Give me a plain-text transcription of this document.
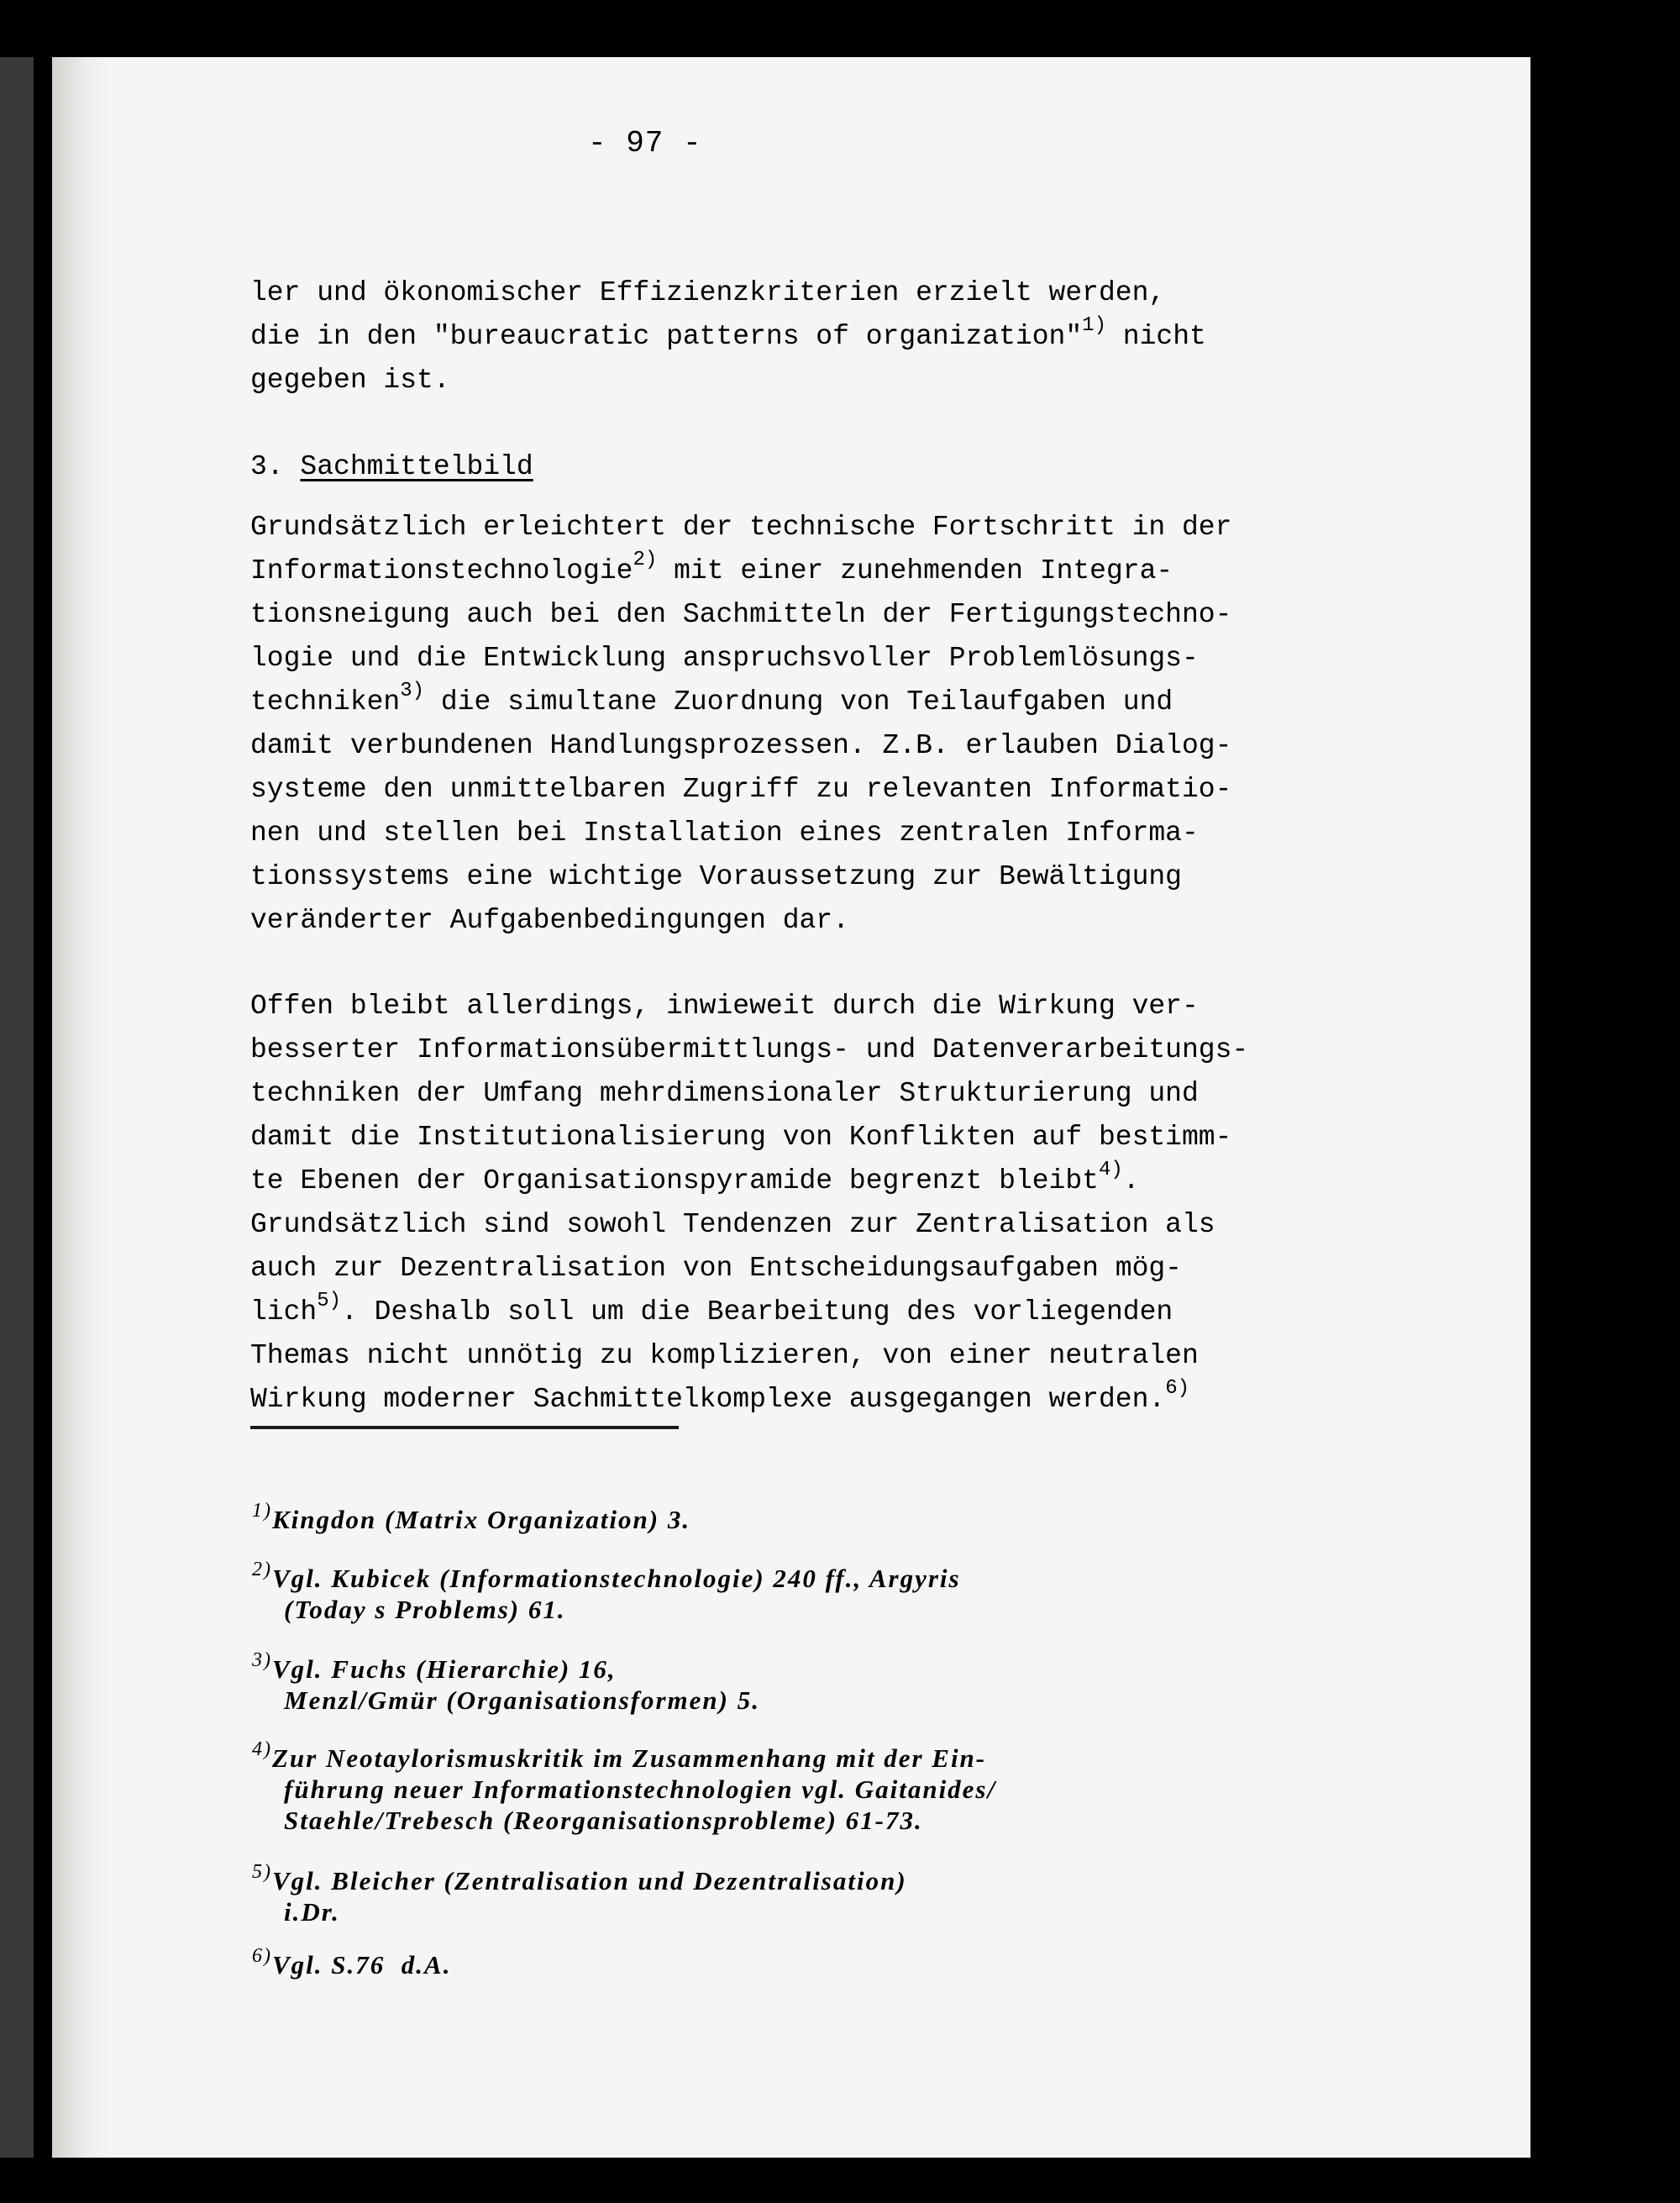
- 97 -
ler und ökonomischer Effizienzkriterien erzielt werden,
die in den "bureaucratic patterns of organization"$^{1)}$ nicht
gegeben ist.
3. Sachmittelbild
Grundsätzlich erleichtert der technische Fortschritt in der
Informationstechnologie$^{2)}$ mit einer zunehmenden Integra-
tionsneigung auch bei den Sachmitteln der Fertigungstechno-
logie und die Entwicklung anspruchsvoller Problemlösungs-
techniken$^{3)}$ die simultane Zuordnung von Teilaufgaben und
damit verbundenen Handlungsprozessen. Z.B. erlauben Dialog-
systeme den unmittelbaren Zugriff zu relevanten Informatio-
nen und stellen bei Installation eines zentralen Informa-
tionssystems eine wichtige Voraussetzung zur Bewältigung
veränderter Aufgabenbedingungen dar.
Offen bleibt allerdings, inwieweit durch die Wirkung ver-
besserter Informationsübermittlungs- und Datenverarbeitungs-
techniken der Umfang mehrdimensionaler Strukturierung und
damit die Institutionalisierung von Konflikten auf bestimm-
te Ebenen der Organisationspyramide begrenzt bleibt$^{4)}$.
Grundsätzlich sind sowohl Tendenzen zur Zentralisation als
auch zur Dezentralisation von Entscheidungsaufgaben mög-
lich$^{5)}$. Deshalb soll um die Bearbeitung des vorliegenden
Themas nicht unnötig zu komplizieren, von einer neutralen
Wirkung moderner Sachmittelkomplexe ausgegangen werden.$^{6)}$
$^{1)}$Kingdon (Matrix Organization) 3.
$^{2)}$Vgl. Kubicek (Informationstechnologie) 240 ff., Argyris
(Today s Problems) 61.
$^{3)}$Vgl. Fuchs (Hierarchie) 16,
Menzl/Gmür (Organisationsformen) 5.
$^{4)}$Zur Neotaylorismuskritik im Zusammenhang mit der Ein-
führung neuer Informationstechnologien vgl. Gaitanides/
Staehle/Trebesch (Reorganisationsprobleme) 61-73.
$^{5)}$Vgl. Bleicher (Zentralisation und Dezentralisation)
i.Dr.
$^{6)}$Vgl. S.76  d.A.
